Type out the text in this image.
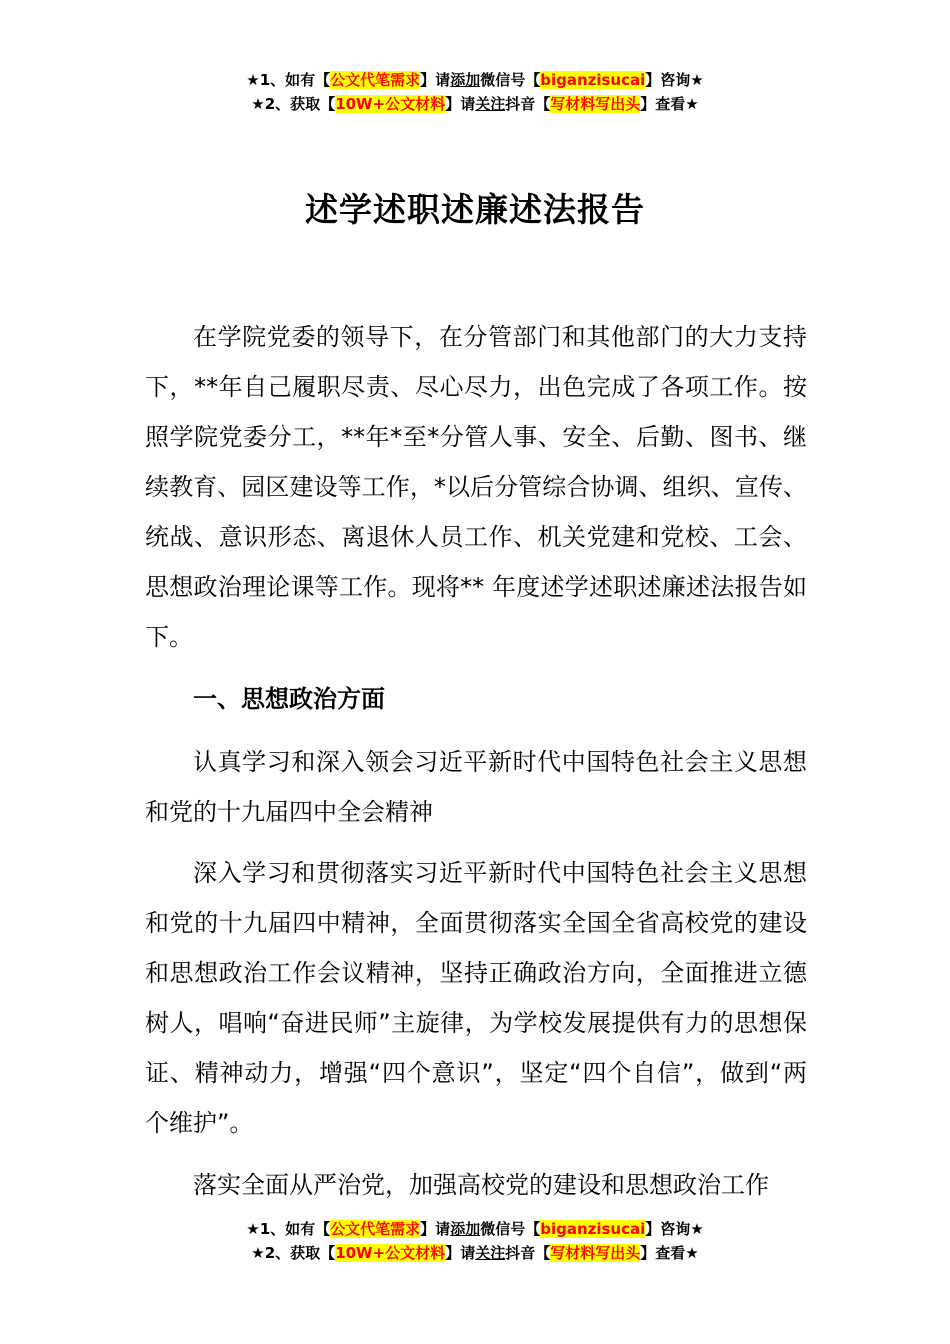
★1、如有【公文代笔需求】请添加微信号【biganzisucai】咨询★
★2、获取【10W+公文材料】请关注抖音【写材料写出头】查看★
述学述职述廉述法报告

在学院党委的领导下，在分管部门和其他部门的大力支持下，**年自己履职尽责、尽心尽力，出色完成了各项工作。按照学院党委分工，**年*至*分管人事、安全、后勤、图书、继续教育、园区建设等工作，*以后分管综合协调、组织、宣传、统战、意识形态、离退休人员工作、机关党建和党校、工会、思想政治理论课等工作。现将** 年度述学述职述廉述法报告如下。

一、思想政治方面

认真学习和深入领会习近平新时代中国特色社会主义思想和党的十九届四中全会精神

深入学习和贯彻落实习近平新时代中国特色社会主义思想和党的十九届四中精神，全面贯彻落实全国全省高校党的建设和思想政治工作会议精神，坚持正确政治方向，全面推进立德树人，唱响“奋进民师”主旋律，为学校发展提供有力的思想保证、精神动力，增强“四个意识”，坚定“四个自信”，做到“两个维护”。

落实全面从严治党，加强高校党的建设和思想政治工作

★1、如有【公文代笔需求】请添加微信号【biganzisucai】咨询★
★2、获取【10W+公文材料】请关注抖音【写材料写出头】查看★
